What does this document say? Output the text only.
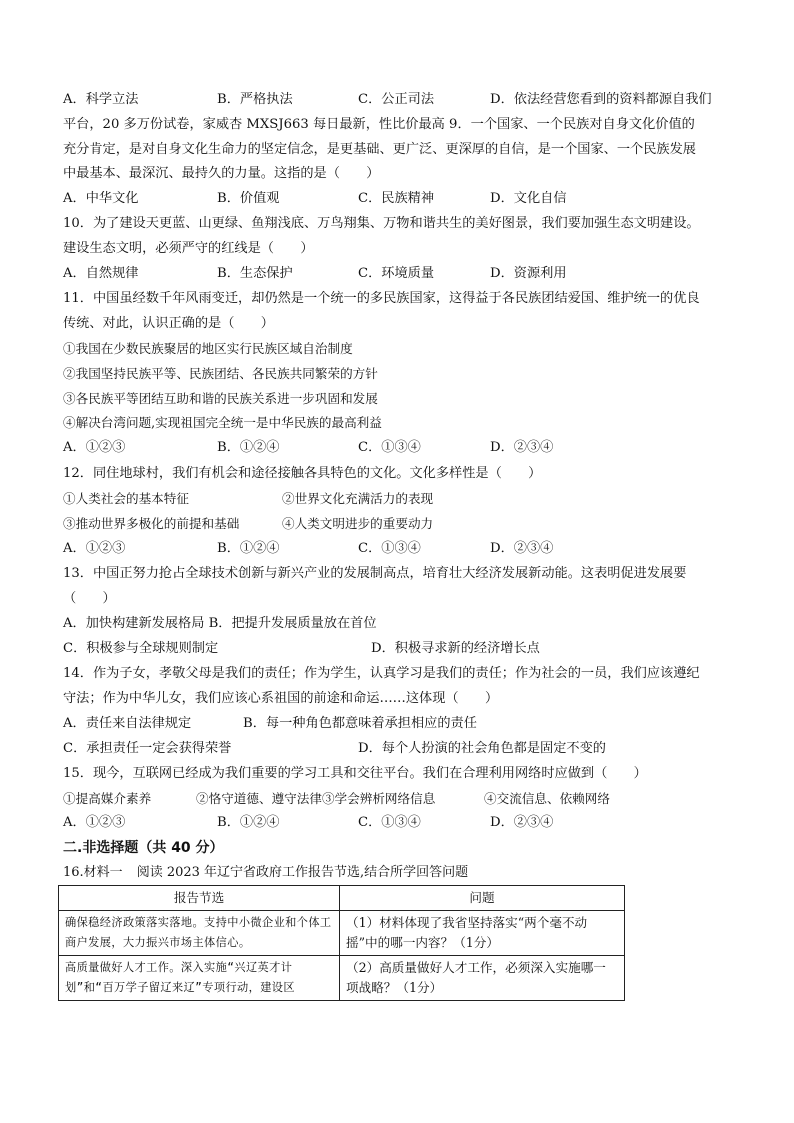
A．科学立法	B．严格执法	C．公正司法	D．依法经营您看到的资料都源自我们
平台，20 多万份试卷，家威杏 MXSJ663 每日最新，性比价最高 9．一个国家、一个民族对自身文化价值的
充分肯定，是对自身文化生命力的坚定信念，是更基础、更广泛、更深厚的自信，是一个国家、一个民族发展
中最基本、最深沉、最持久的力量。这指的是（　　）
A．中华文化	B．价值观	C．民族精神	D．文化自信
10．为了建设天更蓝、山更绿、鱼翔浅底、万鸟翔集、万物和谐共生的美好图景，我们要加强生态文明建设。
建设生态文明，必须严守的红线是（　　）
A．自然规律	B．生态保护	C．环境质量	D．资源利用
11．中国虽经数千年风雨变迁，却仍然是一个统一的多民族国家，这得益于各民族团结爱国、维护统一的优良
传统、对此，认识正确的是（　　）
①我国在少数民族聚居的地区实行民族区域自治制度
②我国坚持民族平等、民族团结、各民族共同繁荣的方针
③各民族平等团结互助和谐的民族关系进一步巩固和发展
④解决台湾问题,实现祖国完全统一是中华民族的最高利益
A．①②③	B．①②④	C．①③④	D．②③④
12．同住地球村，我们有机会和途径接触各具特色的文化。文化多样性是（　　）
①人类社会的基本特征	②世界文化充满活力的表现
③推动世界多极化的前提和基础	④人类文明进步的重要动力
A．①②③	B．①②④	C．①③④	D．②③④
13．中国正努力抢占全球技术创新与新兴产业的发展制高点，培育壮大经济发展新动能。这表明促进发展要
（　　）
A．加快构建新发展格局 B．把提升发展质量放在首位
C．积极参与全球规则制定	D．积极寻求新的经济增长点
14．作为子女，孝敬父母是我们的责任；作为学生，认真学习是我们的责任；作为社会的一员，我们应该遵纪
守法；作为中华儿女，我们应该心系祖国的前途和命运……这体现（　　）
A．责任来自法律规定	B．每一种角色都意味着承担相应的责任
C．承担责任一定会获得荣誉	D．每个人扮演的社会角色都是固定不变的
15．现今，互联网已经成为我们重要的学习工具和交往平台。我们在合理利用网络时应做到（　　）
①提高媒介素养	②恪守道德、遵守法律③学会辨析网络信息	④交流信息、依赖网络
A．①②③	B．①②④	C．①③④	D．②③④
二.非选择题（共 40 分）
16.材料一 阅读 2023 年辽宁省政府工作报告节选,结合所学回答问题
报告节选	问题
确保稳经济政策落实落地。支持中小微企业和个体工商户发展，大力振兴市场主体信心。	（1）材料体现了我省坚持落实“两个毫不动摇”中的哪一内容？（1分）
高质量做好人才工作。深入实施“兴辽英才计划”和“百万学子留辽来辽”专项行动，建设区	（2）高质量做好人才工作，必须深入实施哪一项战略？（1分）
